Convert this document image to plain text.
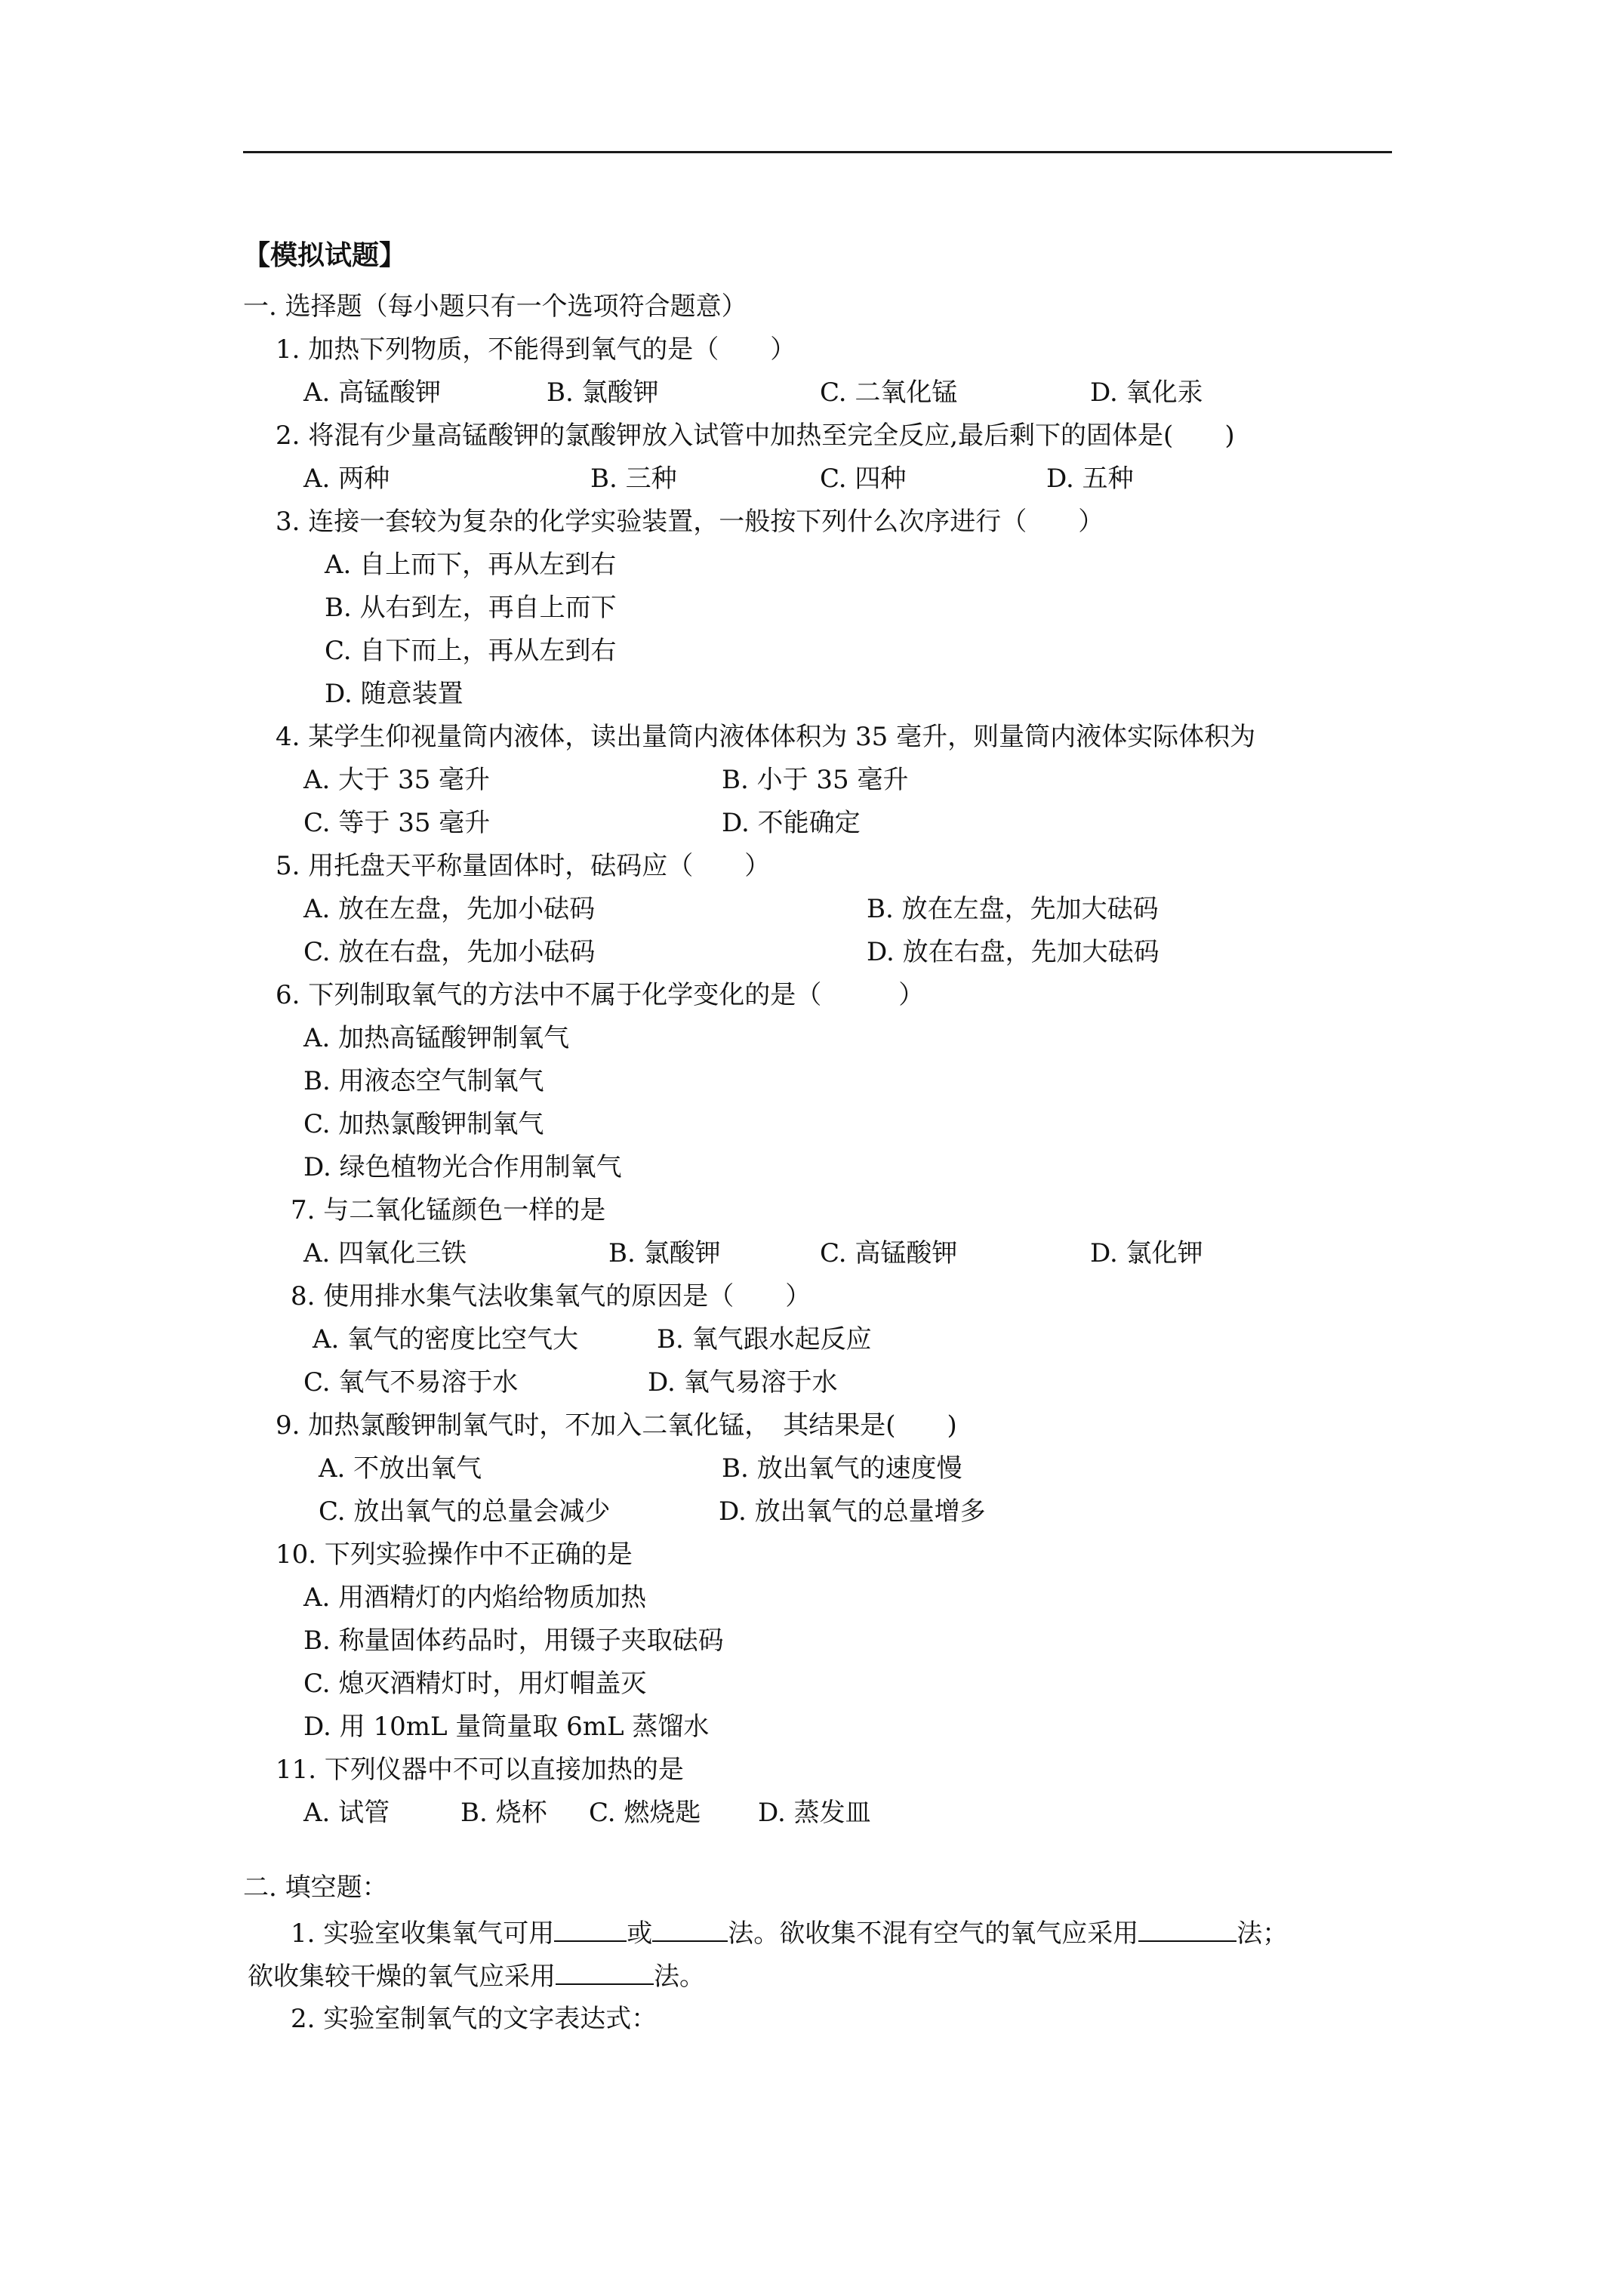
【模拟试题】
一. 选择题（每小题只有一个选项符合题意）
1. 加热下列物质，不能得到氧气的是（　　）
A. 高锰酸钾	B. 氯酸钾	C. 二氧化锰	D. 氧化汞
2. 将混有少量高锰酸钾的氯酸钾放入试管中加热至完全反应,最后剩下的固体是(　　)
A. 两种	B. 三种	C. 四种	D. 五种
3. 连接一套较为复杂的化学实验装置，一般按下列什么次序进行（　　）
A. 自上而下，再从左到右
B. 从右到左，再自上而下
C. 自下而上，再从左到右
D. 随意装置
4. 某学生仰视量筒内液体，读出量筒内液体体积为 35 毫升，则量筒内液体实际体积为
A. 大于 35 毫升	B. 小于 35 毫升
C. 等于 35 毫升	D. 不能确定
5. 用托盘天平称量固体时，砝码应（　　）
A. 放在左盘，先加小砝码	B. 放在左盘，先加大砝码
C. 放在右盘，先加小砝码	D. 放在右盘，先加大砝码
6. 下列制取氧气的方法中不属于化学变化的是（　　　）
A. 加热高锰酸钾制氧气
B. 用液态空气制氧气
C. 加热氯酸钾制氧气
D. 绿色植物光合作用制氧气
7. 与二氧化锰颜色一样的是
A. 四氧化三铁	B. 氯酸钾	C. 高锰酸钾	D. 氯化钾
8. 使用排水集气法收集氧气的原因是（　　）
A. 氧气的密度比空气大	B. 氧气跟水起反应
C. 氧气不易溶于水	D. 氧气易溶于水
9. 加热氯酸钾制氧气时，不加入二氧化锰，　其结果是(　　)
A. 不放出氧气	B. 放出氧气的速度慢
C. 放出氧气的总量会减少	D. 放出氧气的总量增多
10. 下列实验操作中不正确的是
A. 用酒精灯的内焰给物质加热
B. 称量固体药品时，用镊子夹取砝码
C. 熄灭酒精灯时，用灯帽盖灭
D. 用 10mL 量筒量取 6mL 蒸馏水
11. 下列仪器中不可以直接加热的是
A. 试管	B. 烧杯 C. 燃烧匙 D. 蒸发皿
二. 填空题：
1. 实验室收集氧气可用	或	法。欲收集不混有空气的氧气应采用	法；
欲收集较干燥的氧气应采用	法。
2. 实验室制氧气的文字表达式：
